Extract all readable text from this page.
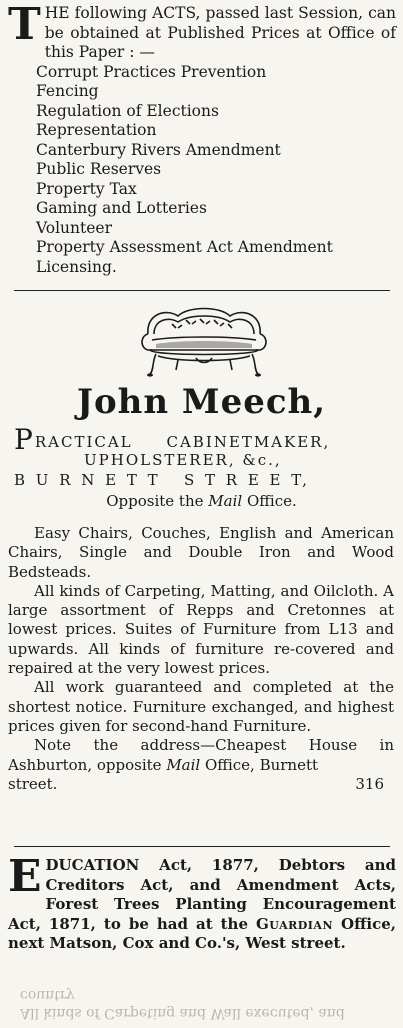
THE following ACTS, passed last Session, can be obtained at Published Prices at Office of this Paper : —
Corrupt Practices Prevention
Fencing
Regulation of Elections
Representation
Canterbury Rivers Amendment
Public Reserves
Property Tax
Gaming and Lotteries
Volunteer
Property Assessment Act Amendment
Licensing.
John Meech,
PRACTICAL     CABINETMAKER,
UPHOLSTERER, &c.,
B U R N E T T   S T R E E T,
Opposite the Mail Office.

Easy Chairs, Couches, English and American Chairs, Single and Double Iron and Wood Bedsteads.

All kinds of Carpeting, Matting, and Oilcloth. A large assortment of Repps and Cretonnes at lowest prices. Suites of Furniture from L13 and upwards. All kinds of furniture re-covered and repaired at the very lowest prices.

All work guaranteed and completed at the shortest notice. Furniture exchanged, and highest prices given for second-hand Furniture.

Note the address—Cheapest House in Ashburton, opposite Mail Office, Burnett

street.	316
EDUCATION Act, 1877, Debtors and Creditors Act, and Amendment Acts, Forest Trees Planting Encouragement Act, 1871, to be had at the Guardian Office, next Matson, Cox and Co.'s, West street.
All kinds of Carpeting and Wall executed, and country
